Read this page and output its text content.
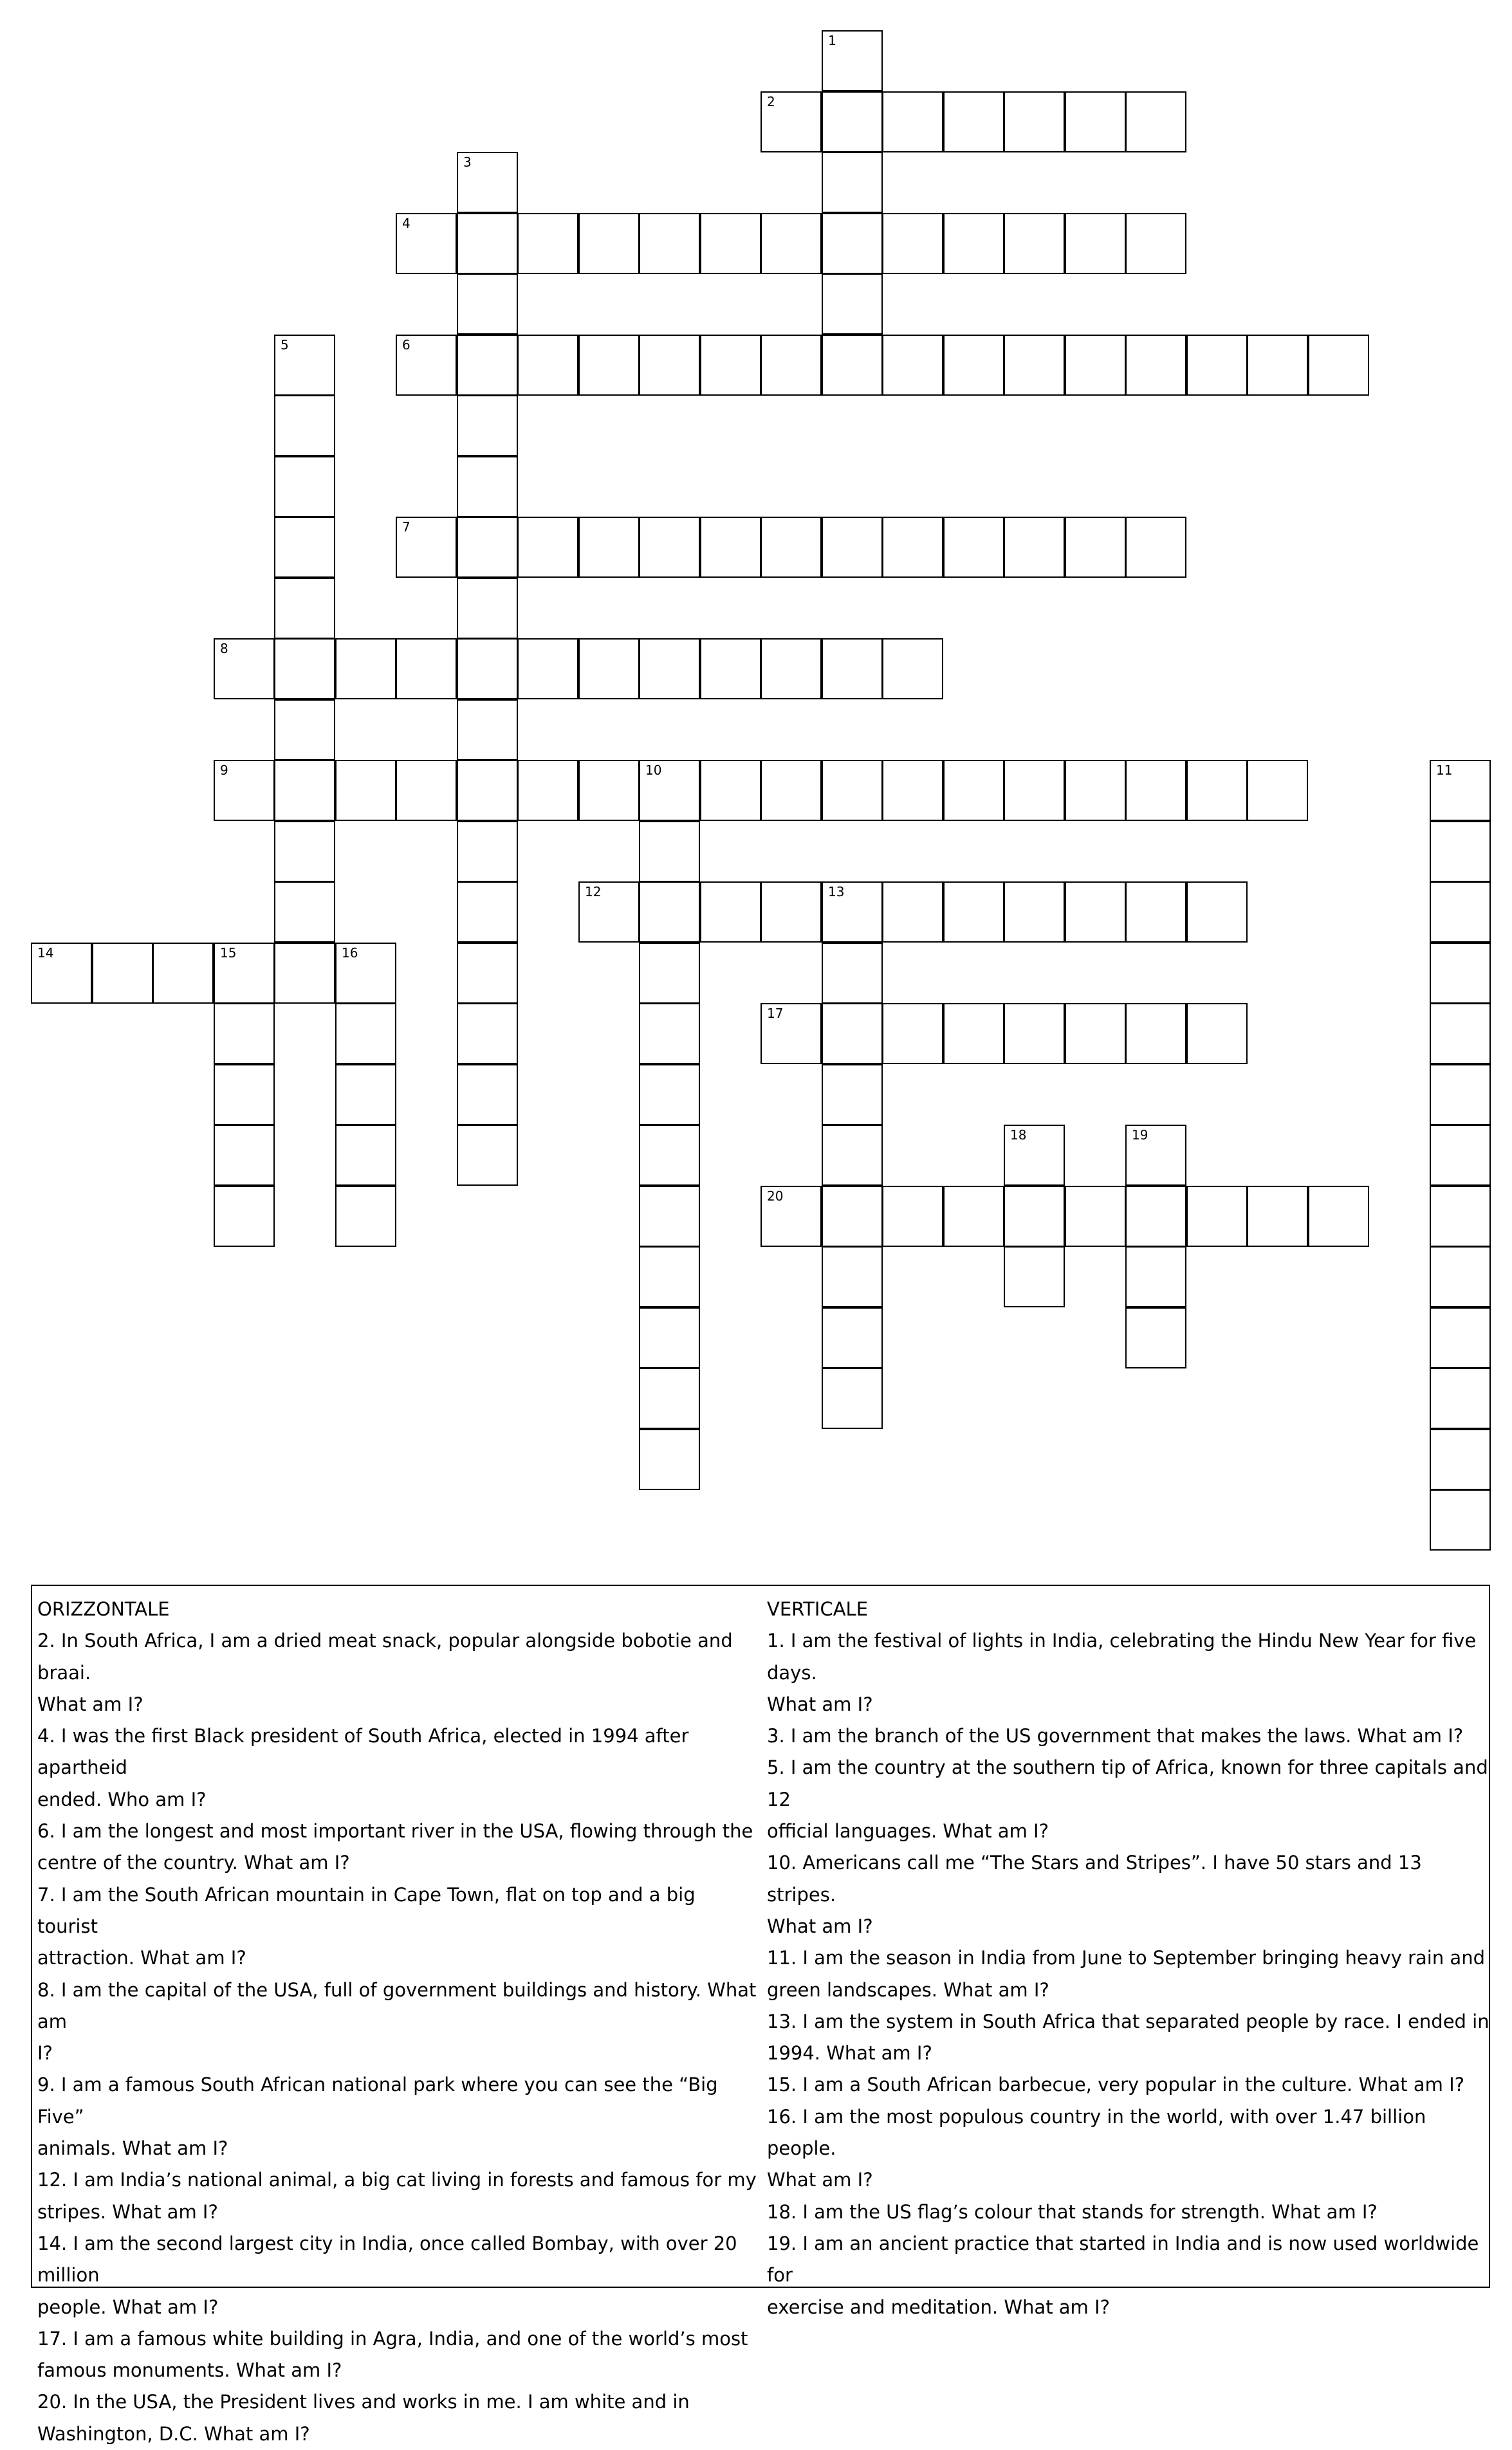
1
2
3
4
5	6
7
8
9	10	11
12	13
14	15	16
17
18	19
20
ORIZZONTALE
2. In South Africa, I am a dried meat snack, popular alongside bobotie and braai.
What am I?
4. I was the first Black president of South Africa, elected in 1994 after apartheid
ended. Who am I?
6. I am the longest and most important river in the USA, flowing through the
centre of the country. What am I?
7. I am the South African mountain in Cape Town, flat on top and a big tourist
attraction. What am I?
8. I am the capital of the USA, full of government buildings and history. What am
I?
9. I am a famous South African national park where you can see the “Big Five”
animals. What am I?
12. I am India’s national animal, a big cat living in forests and famous for my
stripes. What am I?
14. I am the second largest city in India, once called Bombay, with over 20 million
people. What am I?
17. I am a famous white building in Agra, India, and one of the world’s most
famous monuments. What am I?
20. In the USA, the President lives and works in me. I am white and in
Washington, D.C. What am I?
VERTICALE
1. I am the festival of lights in India, celebrating the Hindu New Year for five days.
What am I?
3. I am the branch of the US government that makes the laws. What am I?
5. I am the country at the southern tip of Africa, known for three capitals and 12
official languages. What am I?
10. Americans call me “The Stars and Stripes”. I have 50 stars and 13 stripes.
What am I?
11. I am the season in India from June to September bringing heavy rain and
green landscapes. What am I?
13. I am the system in South Africa that separated people by race. I ended in
1994. What am I?
15. I am a South African barbecue, very popular in the culture. What am I?
16. I am the most populous country in the world, with over 1.47 billion people.
What am I?
18. I am the US flag’s colour that stands for strength. What am I?
19. I am an ancient practice that started in India and is now used worldwide for
exercise and meditation. What am I?
